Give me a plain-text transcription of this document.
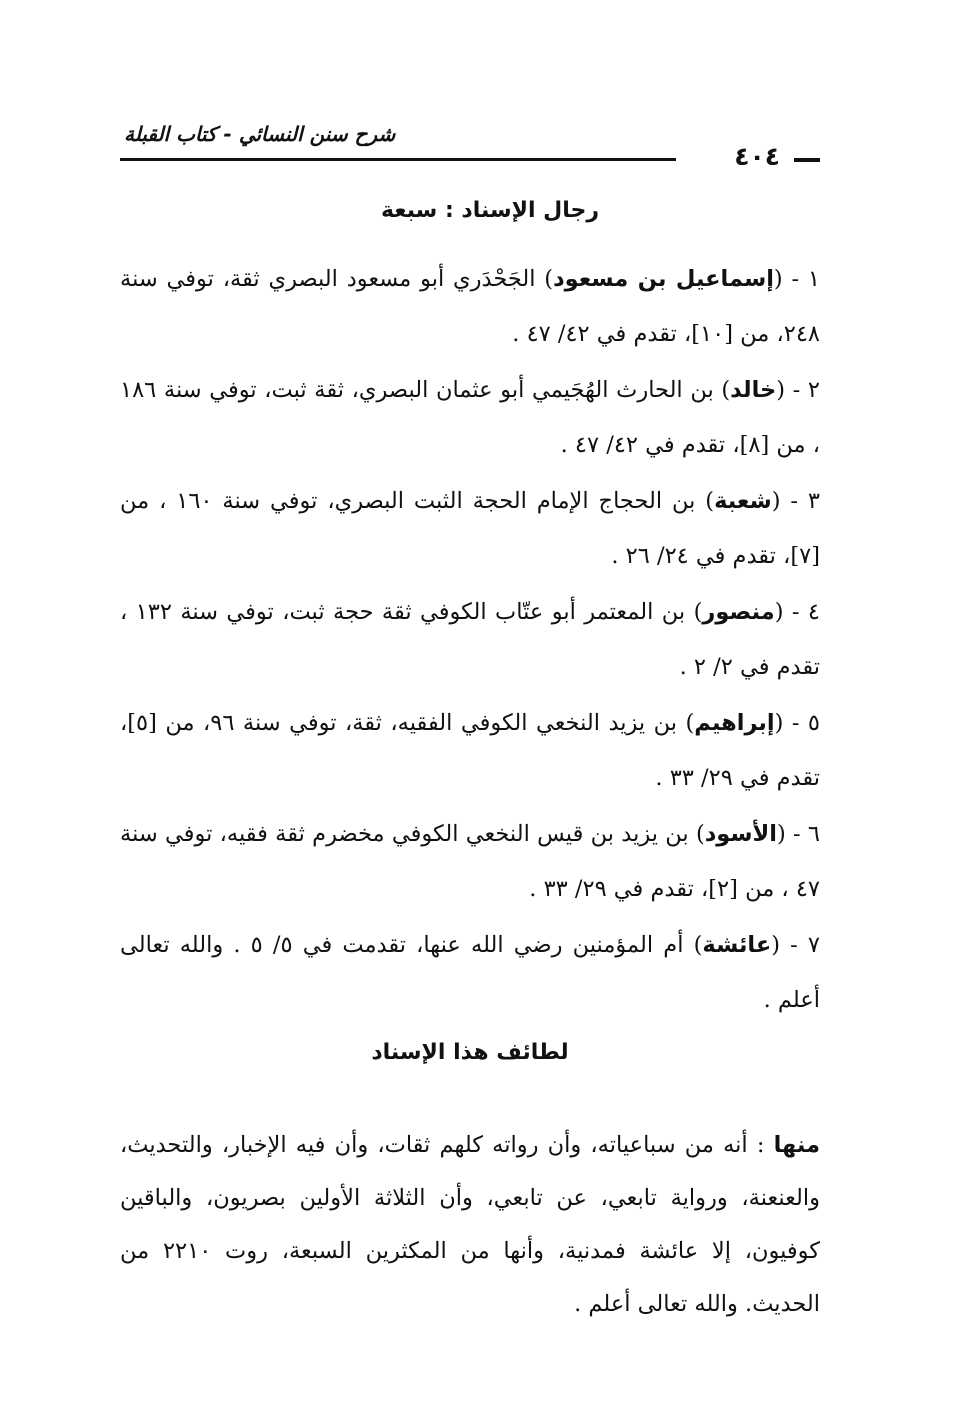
٤٠٤
شرح سنن النسائي - كتاب القبلة
رجال الإسناد : سبعة

١ - (إسماعيل بن مسعود) الجَحْدَري أبو مسعود البصري ثقة، توفي سنة ٢٤٨، من [١٠]، تقدم في ٤٢/ ٤٧ .

٢ - (خالد) بن الحارث الهُجَيمي أبو عثمان البصري، ثقة ثبت، توفي سنة ١٨٦ ، من [٨]، تقدم في ٤٢/ ٤٧ .

٣ - (شعبة) بن الحجاج الإمام الحجة الثبت البصري، توفي سنة ١٦٠ ، من [٧]، تقدم في ٢٤/ ٢٦ .

٤ - (منصور) بن المعتمر أبو عتّاب الكوفي ثقة حجة ثبت، توفي سنة ١٣٢ ، تقدم في ٢/ ٢ .

٥ - (إبراهيم) بن يزيد النخعي الكوفي الفقيه، ثقة، توفي سنة ٩٦، من [٥]، تقدم في ٢٩/ ٣٣ .

٦ - (الأسود) بن يزيد بن قيس النخعي الكوفي مخضرم ثقة فقيه، توفي سنة ٤٧ ، من [٢]، تقدم في ٢٩/ ٣٣ .

٧ - (عائشة) أم المؤمنين رضي الله عنها، تقدمت في ٥/ ٥ . والله تعالى أعلم .

لطائف هذا الإسناد

منها : أنه من سباعياته، وأن رواته كلهم ثقات، وأن فيه الإخبار، والتحديث، والعنعنة، ورواية تابعي، عن تابعي، وأن الثلاثة الأولين بصريون، والباقين كوفيون، إلا عائشة فمدنية، وأنها من المكثرين السبعة، روت ٢٢١٠ من الحديث. والله تعالى أعلم .
